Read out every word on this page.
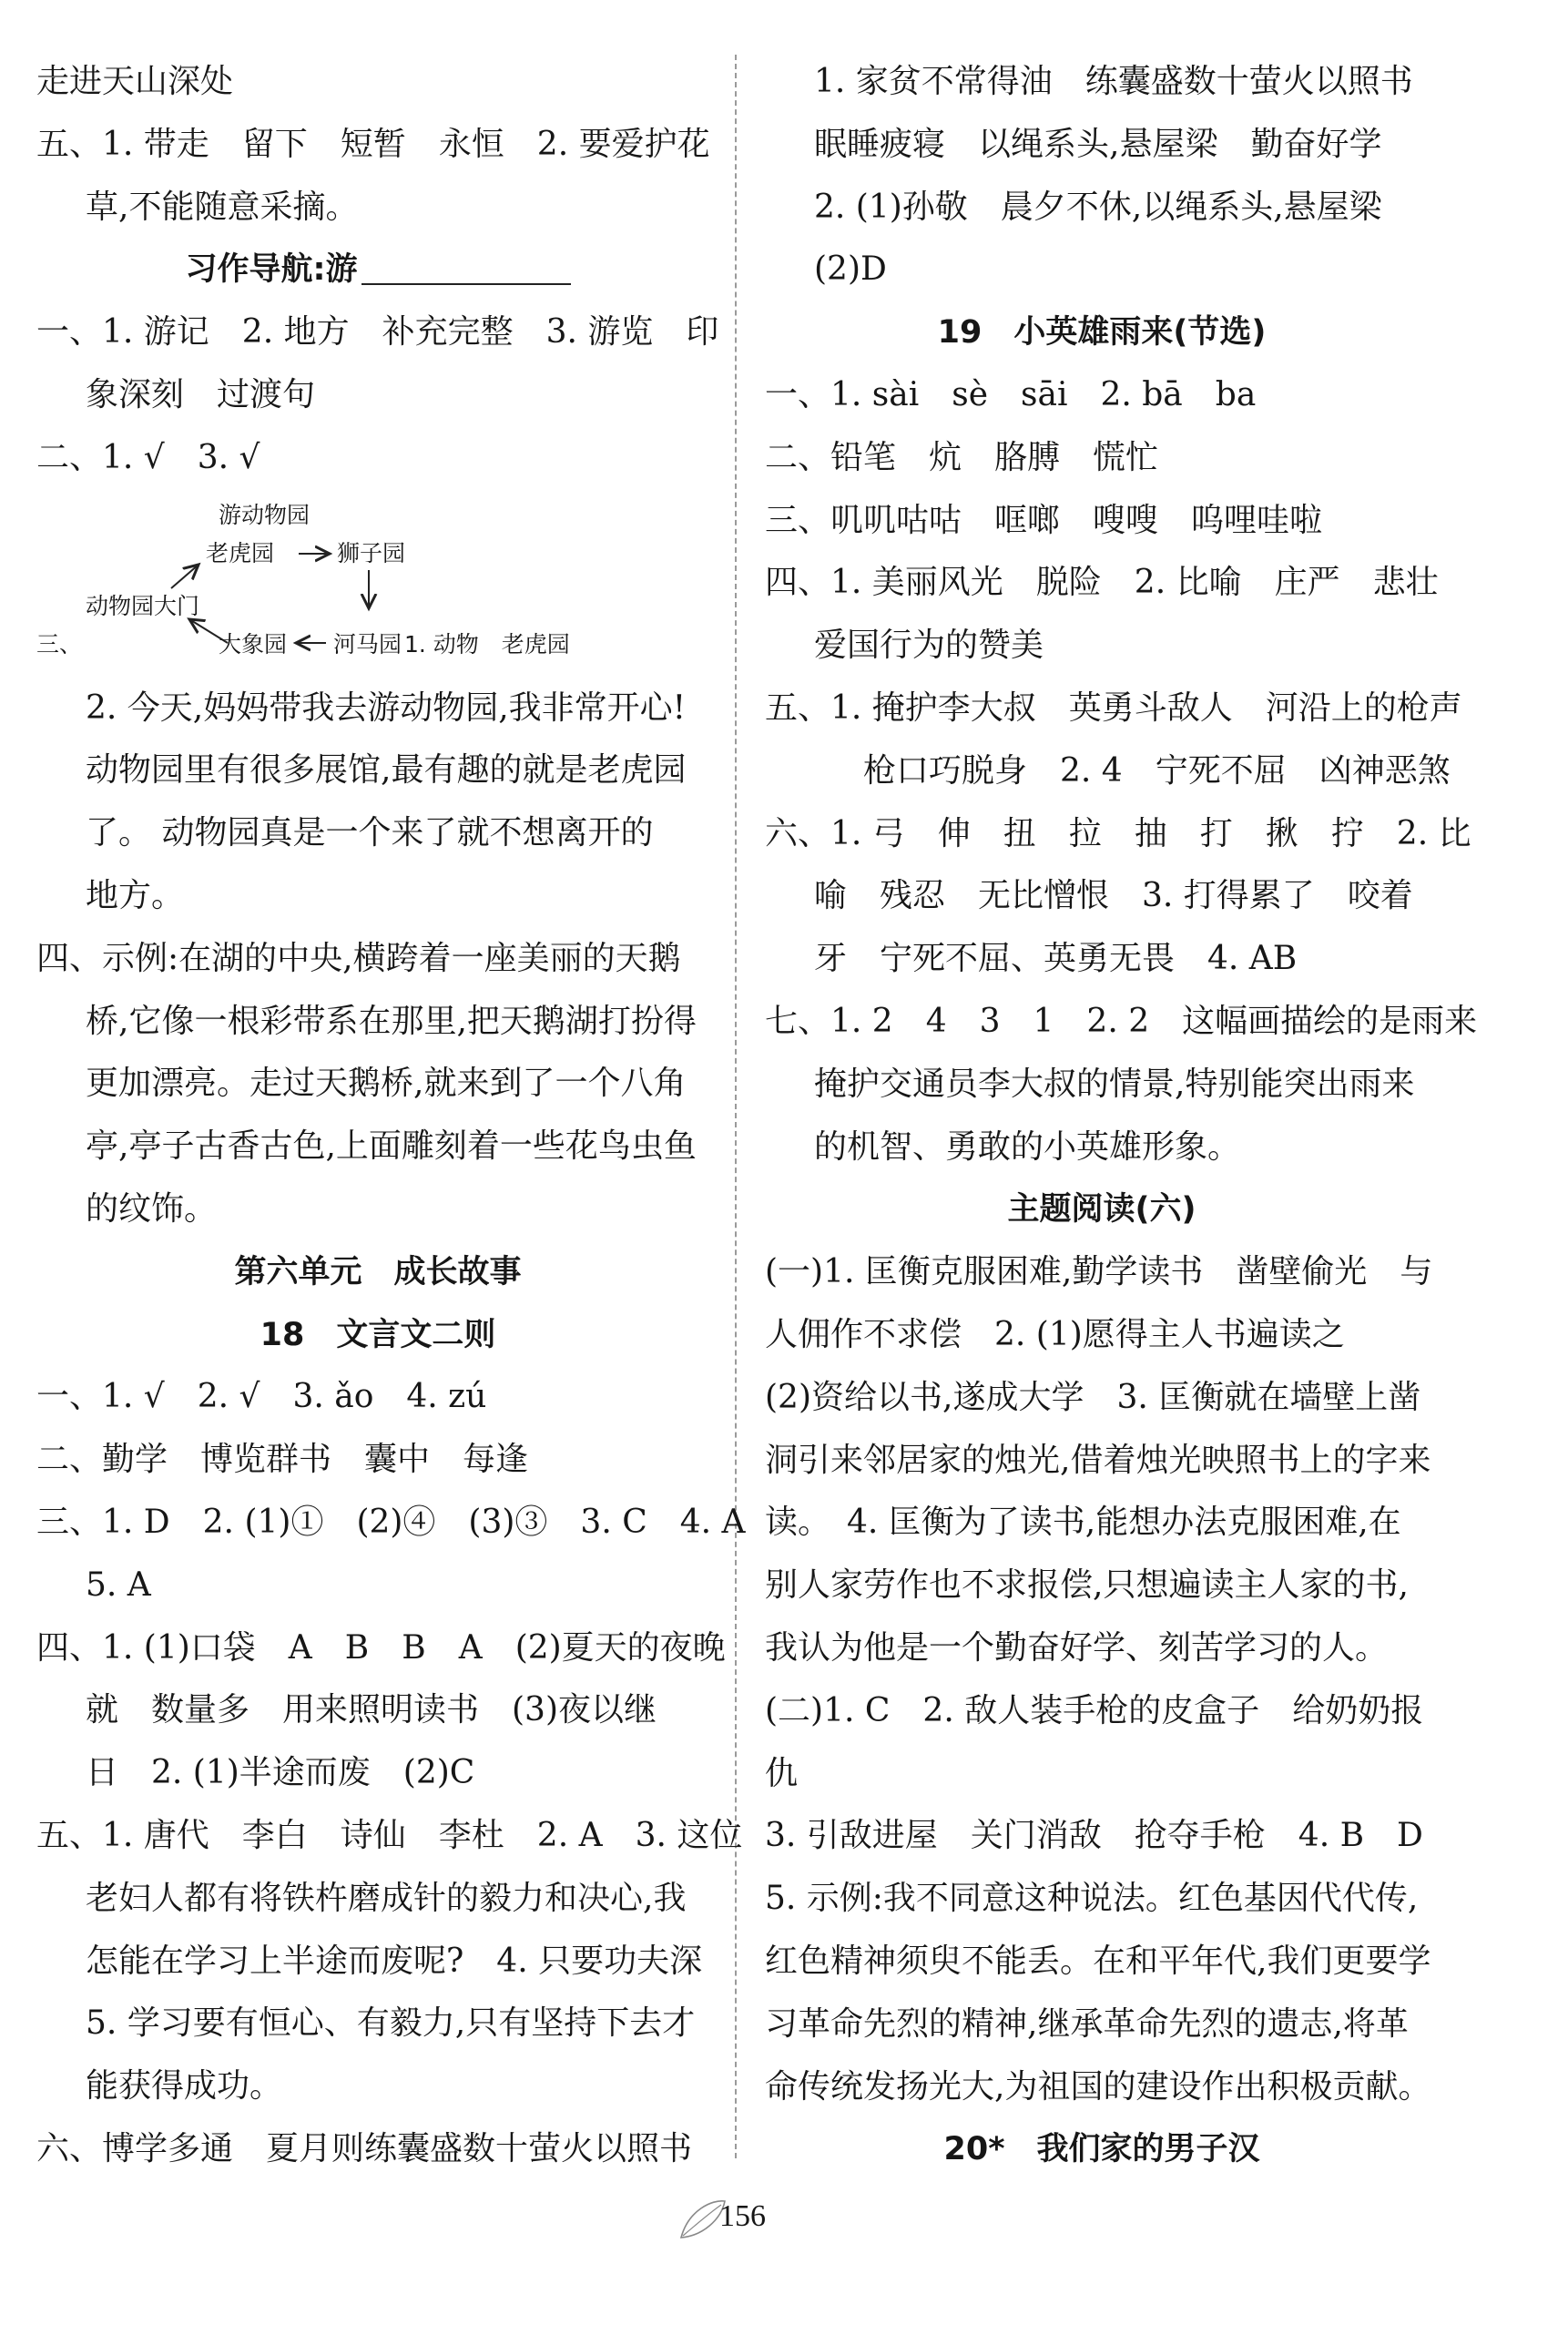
走进天山深处
五、1. 带走　留下　短暂　永恒　2. 要爱护花
草,不能随意采摘。
习作导航:游
一、1. 游记　2. 地方　补充完整　3. 游览　印
象深刻　过渡句
二、1. √　3. √
游动物园
老虎园	狮子园
动物园大门
大象园 河马园
三、	1. 动物　老虎园
2. 今天,妈妈带我去游动物园,我非常开心!
动物园里有很多展馆,最有趣的就是老虎园
了。 动物园真是一个来了就不想离开的
地方。
四、示例:在湖的中央,横跨着一座美丽的天鹅
桥,它像一根彩带系在那里,把天鹅湖打扮得
更加漂亮。走过天鹅桥,就来到了一个八角
亭,亭子古香古色,上面雕刻着一些花鸟虫鱼
的纹饰。
第六单元　成长故事
18　文言文二则
一、1. √　2. √　3. ǎo　4. zú
二、勤学　博览群书　囊中　每逢
三、1. D　2. (1)①　(2)④　(3)③　3. C　4. A
5. A
四、1. (1)口袋　A　B　B　A　(2)夏天的夜晚
就　数量多　用来照明读书　(3)夜以继
日　2. (1)半途而废　(2)C
五、1. 唐代　李白　诗仙　李杜　2. A　3. 这位
老妇人都有将铁杵磨成针的毅力和决心,我
怎能在学习上半途而废呢?　4. 只要功夫深
5. 学习要有恒心、有毅力,只有坚持下去才
能获得成功。
六、博学多通　夏月则练囊盛数十萤火以照书
1. 家贫不常得油　练囊盛数十萤火以照书
眠睡疲寝　以绳系头,悬屋梁　勤奋好学
2. (1)孙敬　晨夕不休,以绳系头,悬屋梁
(2)D
19　小英雄雨来(节选)
一、1. sài　sè　sāi　2. bā　ba
二、铅笔　炕　胳膊　慌忙
三、叽叽咕咕　哐啷　嗖嗖　呜哩哇啦
四、1. 美丽风光　脱险　2. 比喻　庄严　悲壮
爱国行为的赞美
五、1. 掩护李大叔　英勇斗敌人　河沿上的枪声
枪口巧脱身　2. 4　宁死不屈　凶神恶煞
六、1. 弓　伸　扭　拉　抽　打　揪　拧　2. 比
喻　残忍　无比憎恨　3. 打得累了　咬着
牙　宁死不屈、英勇无畏　4. AB
七、1. 2　4　3　1　2. 2　这幅画描绘的是雨来
掩护交通员李大叔的情景,特别能突出雨来
的机智、勇敢的小英雄形象。
主题阅读(六)
(一)1. 匡衡克服困难,勤学读书　凿壁偷光　与
人佣作不求偿　2. (1)愿得主人书遍读之
(2)资给以书,遂成大学　3. 匡衡就在墙壁上凿
洞引来邻居家的烛光,借着烛光映照书上的字来
读。　4. 匡衡为了读书,能想办法克服困难,在
别人家劳作也不求报偿,只想遍读主人家的书,
我认为他是一个勤奋好学、刻苦学习的人。
(二)1. C　2. 敌人装手枪的皮盒子　给奶奶报
仇
3. 引敌进屋　关门消敌　抢夺手枪　4. B　D
5. 示例:我不同意这种说法。红色基因代代传,
红色精神须臾不能丢。在和平年代,我们更要学
习革命先烈的精神,继承革命先烈的遗志,将革
命传统发扬光大,为祖国的建设作出积极贡献。
20*　我们家的男子汉
156
